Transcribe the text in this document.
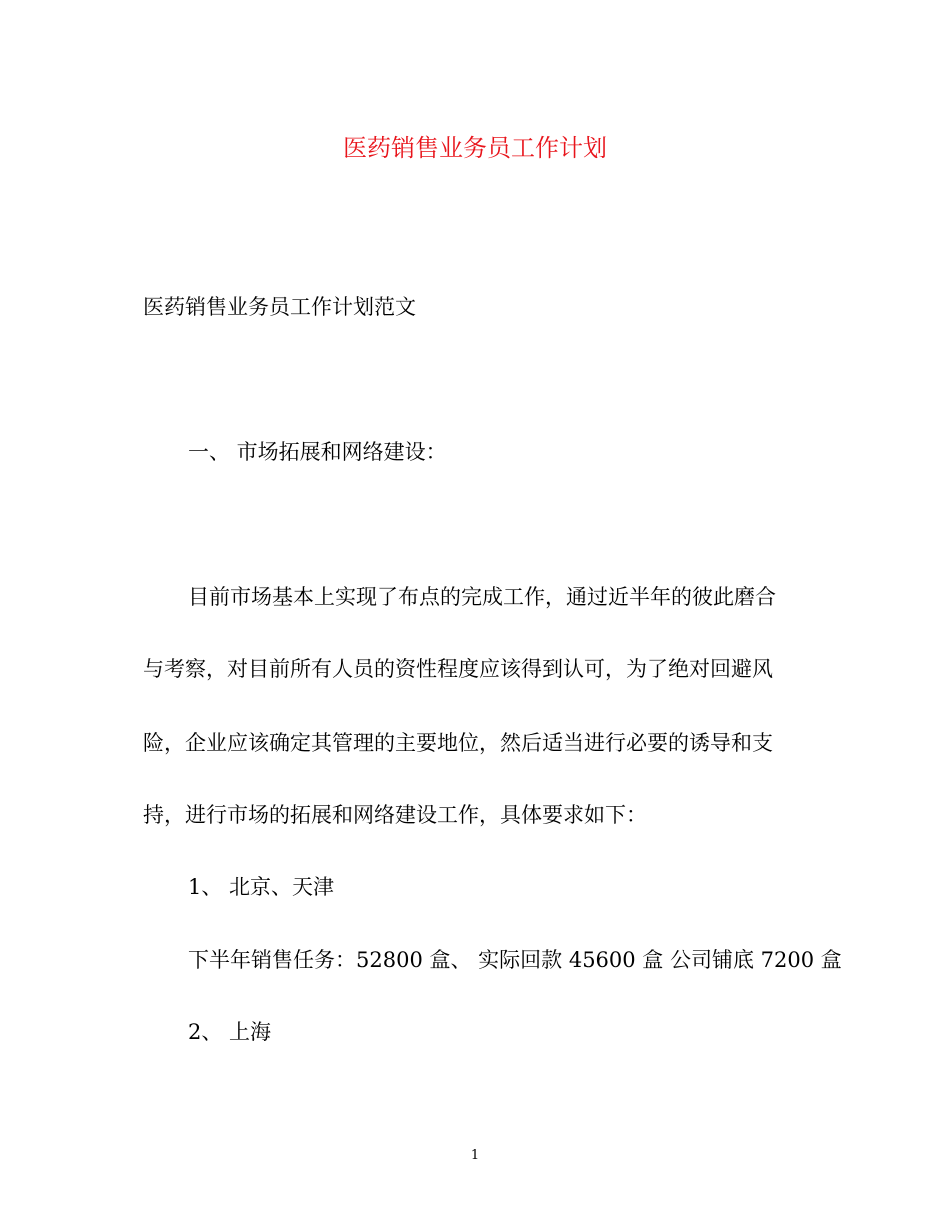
医药销售业务员工作计划
医药销售业务员工作计划范文
一、 市场拓展和网络建设：
目前市场基本上实现了布点的完成工作，通过近半年的彼此磨合
与考察，对目前所有人员的资性程度应该得到认可，为了绝对回避风
险，企业应该确定其管理的主要地位，然后适当进行必要的诱导和支
持，进行市场的拓展和网络建设工作，具体要求如下：
1、 北京、天津
下半年销售任务：52800 盒、 实际回款 45600 盒 公司铺底 7200 盒
2、 上海
1
